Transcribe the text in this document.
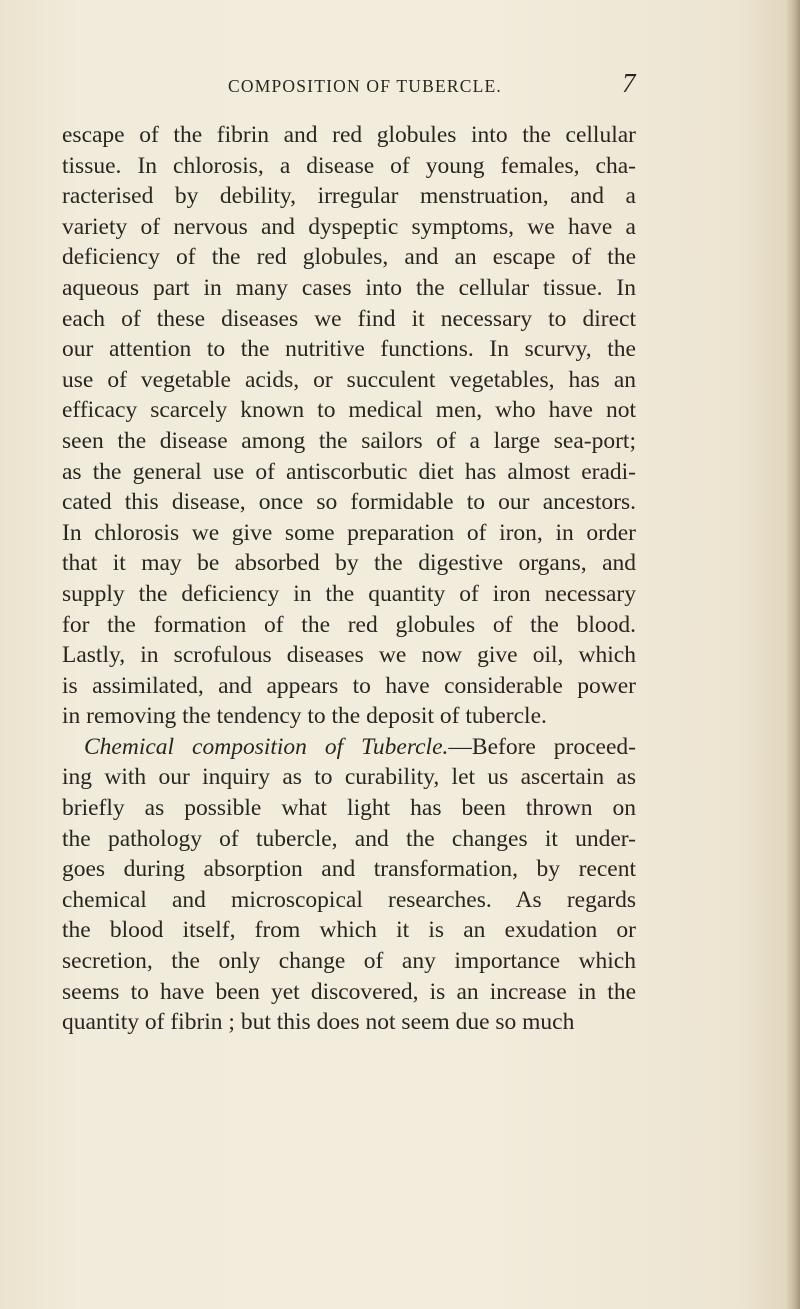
COMPOSITION OF TUBERCLE.	7
escape of the fibrin and red globules into the cellular
tissue. In chlorosis, a disease of young females, cha-
racterised by debility, irregular menstruation, and a
variety of nervous and dyspeptic symptoms, we have a
deficiency of the red globules, and an escape of the
aqueous part in many cases into the cellular tissue. In
each of these diseases we find it necessary to direct
our attention to the nutritive functions. In scurvy, the
use of vegetable acids, or succulent vegetables, has an
efficacy scarcely known to medical men, who have not
seen the disease among the sailors of a large sea-port;
as the general use of antiscorbutic diet has almost eradi-
cated this disease, once so formidable to our ancestors.
In chlorosis we give some preparation of iron, in order
that it may be absorbed by the digestive organs, and
supply the deficiency in the quantity of iron necessary
for the formation of the red globules of the blood.
Lastly, in scrofulous diseases we now give oil, which
is assimilated, and appears to have considerable power
in removing the tendency to the deposit of tubercle.
Chemical composition of Tubercle.—Before proceed-
ing with our inquiry as to curability, let us ascertain as
briefly as possible what light has been thrown on
the pathology of tubercle, and the changes it under-
goes during absorption and transformation, by recent
chemical and microscopical researches. As regards
the blood itself, from which it is an exudation or
secretion, the only change of any importance which
seems to have been yet discovered, is an increase in the
quantity of fibrin ; but this does not seem due so much
